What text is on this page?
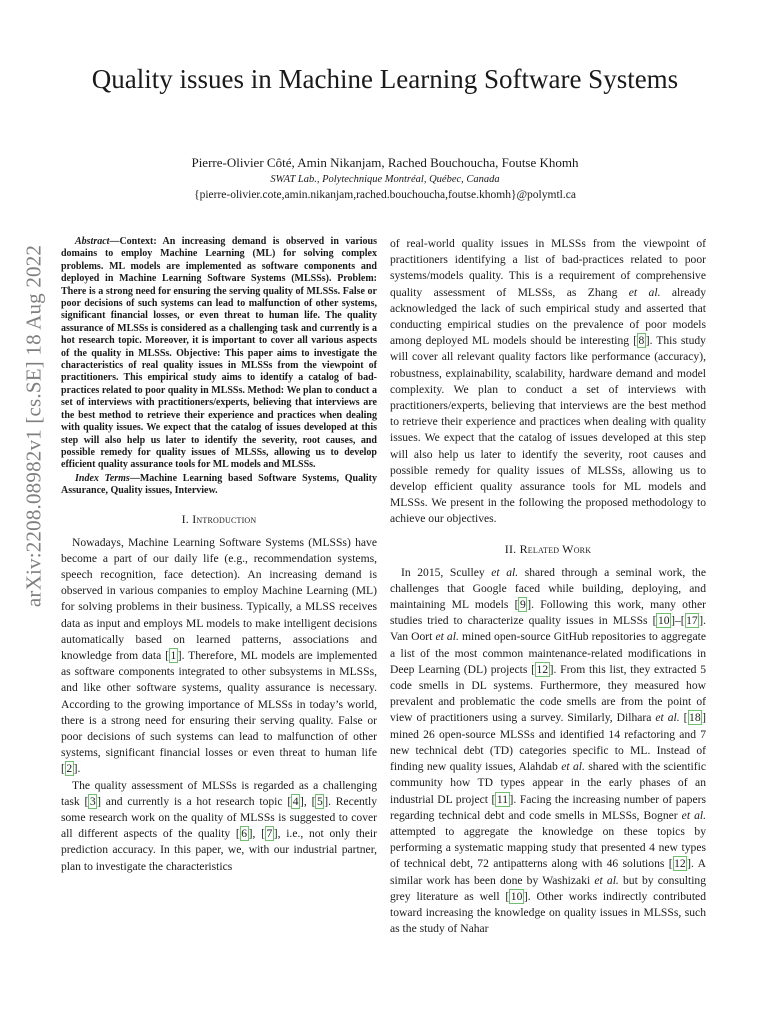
arXiv:2208.08982v1 [cs.SE] 18 Aug 2022
Quality issues in Machine Learning Software Systems
Pierre-Olivier Côté, Amin Nikanjam, Rached Bouchoucha, Foutse Khomh
SWAT Lab., Polytechnique Montréal, Québec, Canada
{pierre-olivier.cote,amin.nikanjam,rached.bouchoucha,foutse.khomh}@polymtl.ca

Abstract—Context: An increasing demand is observed in various domains to employ Machine Learning (ML) for solving complex problems. ML models are implemented as software components and deployed in Machine Learning Software Systems (MLSSs). Problem: There is a strong need for ensuring the serving quality of MLSSs. False or poor decisions of such systems can lead to malfunction of other systems, significant financial losses, or even threat to human life. The quality assurance of MLSSs is considered as a challenging task and currently is a hot research topic. Moreover, it is important to cover all various aspects of the quality in MLSSs. Objective: This paper aims to investigate the characteristics of real quality issues in MLSSs from the viewpoint of practitioners. This empirical study aims to identify a catalog of bad-practices related to poor quality in MLSSs. Method: We plan to conduct a set of interviews with practitioners/experts, believing that interviews are the best method to retrieve their experience and practices when dealing with quality issues. We expect that the catalog of issues developed at this step will also help us later to identify the severity, root causes, and possible remedy for quality issues of MLSSs, allowing us to develop efficient quality assurance tools for ML models and MLSSs.

Index Terms—Machine Learning based Software Systems, Quality Assurance, Quality issues, Interview.

I. Introduction

Nowadays, Machine Learning Software Systems (MLSSs) have become a part of our daily life (e.g., recommendation systems, speech recognition, face detection). An increasing demand is observed in various companies to employ Machine Learning (ML) for solving problems in their business. Typically, a MLSS receives data as input and employs ML models to make intelligent decisions automatically based on learned patterns, associations and knowledge from data [ 1 ]. Therefore, ML models are implemented as software components integrated to other subsystems in MLSSs, and like other software systems, quality assurance is necessary. According to the growing importance of MLSSs in today’s world, there is a strong need for ensuring their serving quality. False or poor decisions of such systems can lead to malfunction of other systems, significant financial losses or even threat to human life [ 2 ].

The quality assessment of MLSSs is regarded as a challenging task [ 3 ] and currently is a hot research topic [ 4 ], [ 5 ]. Recently some research work on the quality of MLSSs is suggested to cover all different aspects of the quality [ 6 ], [ 7 ], i.e., not only their prediction accuracy. In this paper, we, with our industrial partner, plan to investigate the characteristics

of real-world quality issues in MLSSs from the viewpoint of practitioners identifying a list of bad-practices related to poor systems/models quality. This is a requirement of comprehensive quality assessment of MLSSs, as Zhang et al. already acknowledged the lack of such empirical study and asserted that conducting empirical studies on the prevalence of poor models among deployed ML models should be interesting [ 8 ]. This study will cover all relevant quality factors like performance (accuracy), robustness, explainability, scalability, hardware demand and model complexity. We plan to conduct a set of interviews with practitioners/experts, believing that interviews are the best method to retrieve their experience and practices when dealing with quality issues. We expect that the catalog of issues developed at this step will also help us later to identify the severity, root causes and possible remedy for quality issues of MLSSs, allowing us to develop efficient quality assurance tools for ML models and MLSSs. We present in the following the proposed methodology to achieve our objectives.

II. Related Work

In 2015, Sculley et al. shared through a seminal work, the challenges that Google faced while building, deploying, and maintaining ML models [ 9 ]. Following this work, many other studies tried to characterize quality issues in MLSSs [ 10 ]–[ 17 ]. Van Oort et al. mined open-source GitHub repositories to aggregate a list of the most common maintenance-related modifications in Deep Learning (DL) projects [ 12 ]. From this list, they extracted 5 code smells in DL systems. Furthermore, they measured how prevalent and problematic the code smells are from the point of view of practitioners using a survey. Similarly, Dilhara et al. [ 18 ] mined 26 open-source MLSSs and identified 14 refactoring and 7 new technical debt (TD) categories specific to ML. Instead of finding new quality issues, Alahdab et al. shared with the scientific community how TD types appear in the early phases of an industrial DL project [ 11 ]. Facing the increasing number of papers regarding technical debt and code smells in MLSSs, Bogner et al. attempted to aggregate the knowledge on these topics by performing a systematic mapping study that presented 4 new types of technical debt, 72 antipatterns along with 46 solutions [ 12 ]. A similar work has been done by Washizaki et al. but by consulting grey literature as well [ 10 ]. Other works indirectly contributed toward increasing the knowledge on quality issues in MLSSs, such as the study of Nahar
